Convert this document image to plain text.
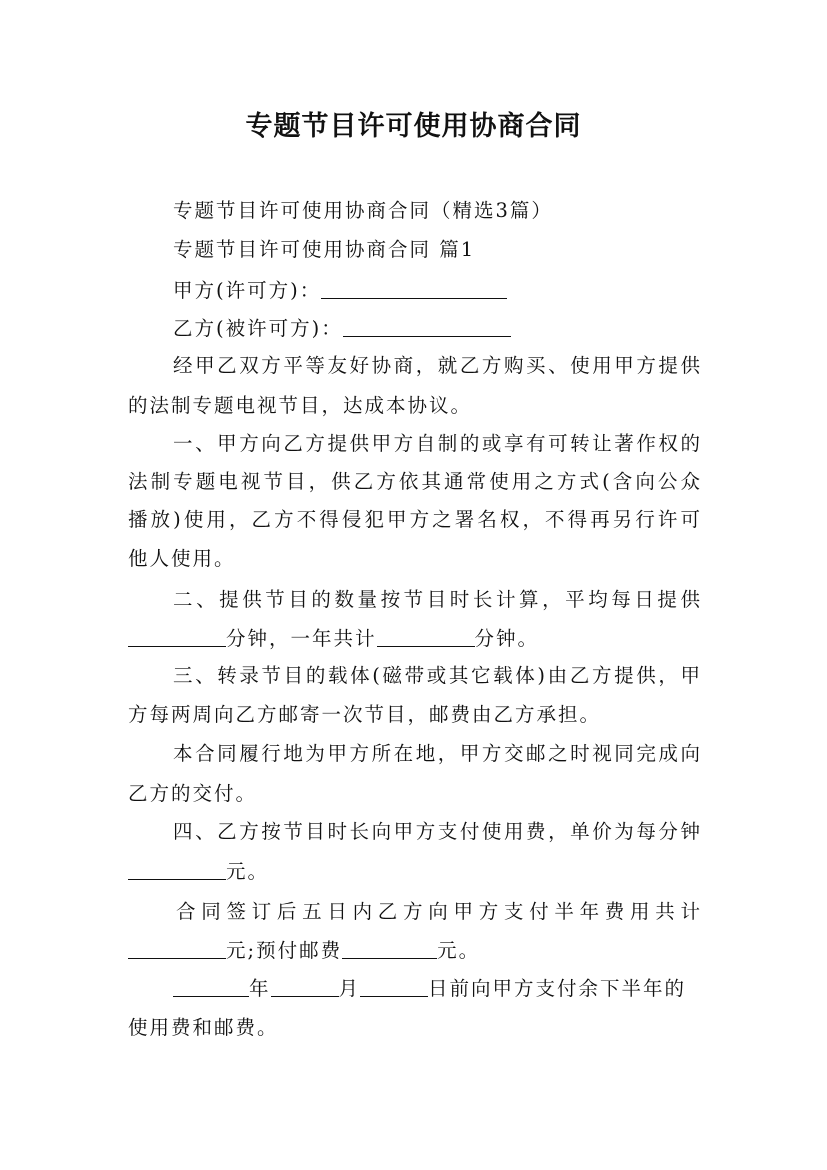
专题节目许可使用协商合同
专题节目许可使用协商合同（精选3篇）
专题节目许可使用协商合同 篇1
甲方(许可方)：
乙方(被许可方)：
经甲乙双方平等友好协商，就乙方购买、使用甲方提供
的法制专题电视节目，达成本协议。
一、甲方向乙方提供甲方自制的或享有可转让著作权的
法制专题电视节目，供乙方依其通常使用之方式(含向公众
播放)使用，乙方不得侵犯甲方之署名权，不得再另行许可
他人使用。
二、提供节目的数量按节目时长计算，平均每日提供
分钟，一年共计	分钟。
三、转录节目的载体(磁带或其它载体)由乙方提供，甲
方每两周向乙方邮寄一次节目，邮费由乙方承担。
本合同履行地为甲方所在地，甲方交邮之时视同完成向
乙方的交付。
四、乙方按节目时长向甲方支付使用费，单价为每分钟
元。
合同签订后五日内乙方向甲方支付半年费用共计
元;预付邮费	元。
年	月	日前向甲方支付余下半年的
使用费和邮费。
